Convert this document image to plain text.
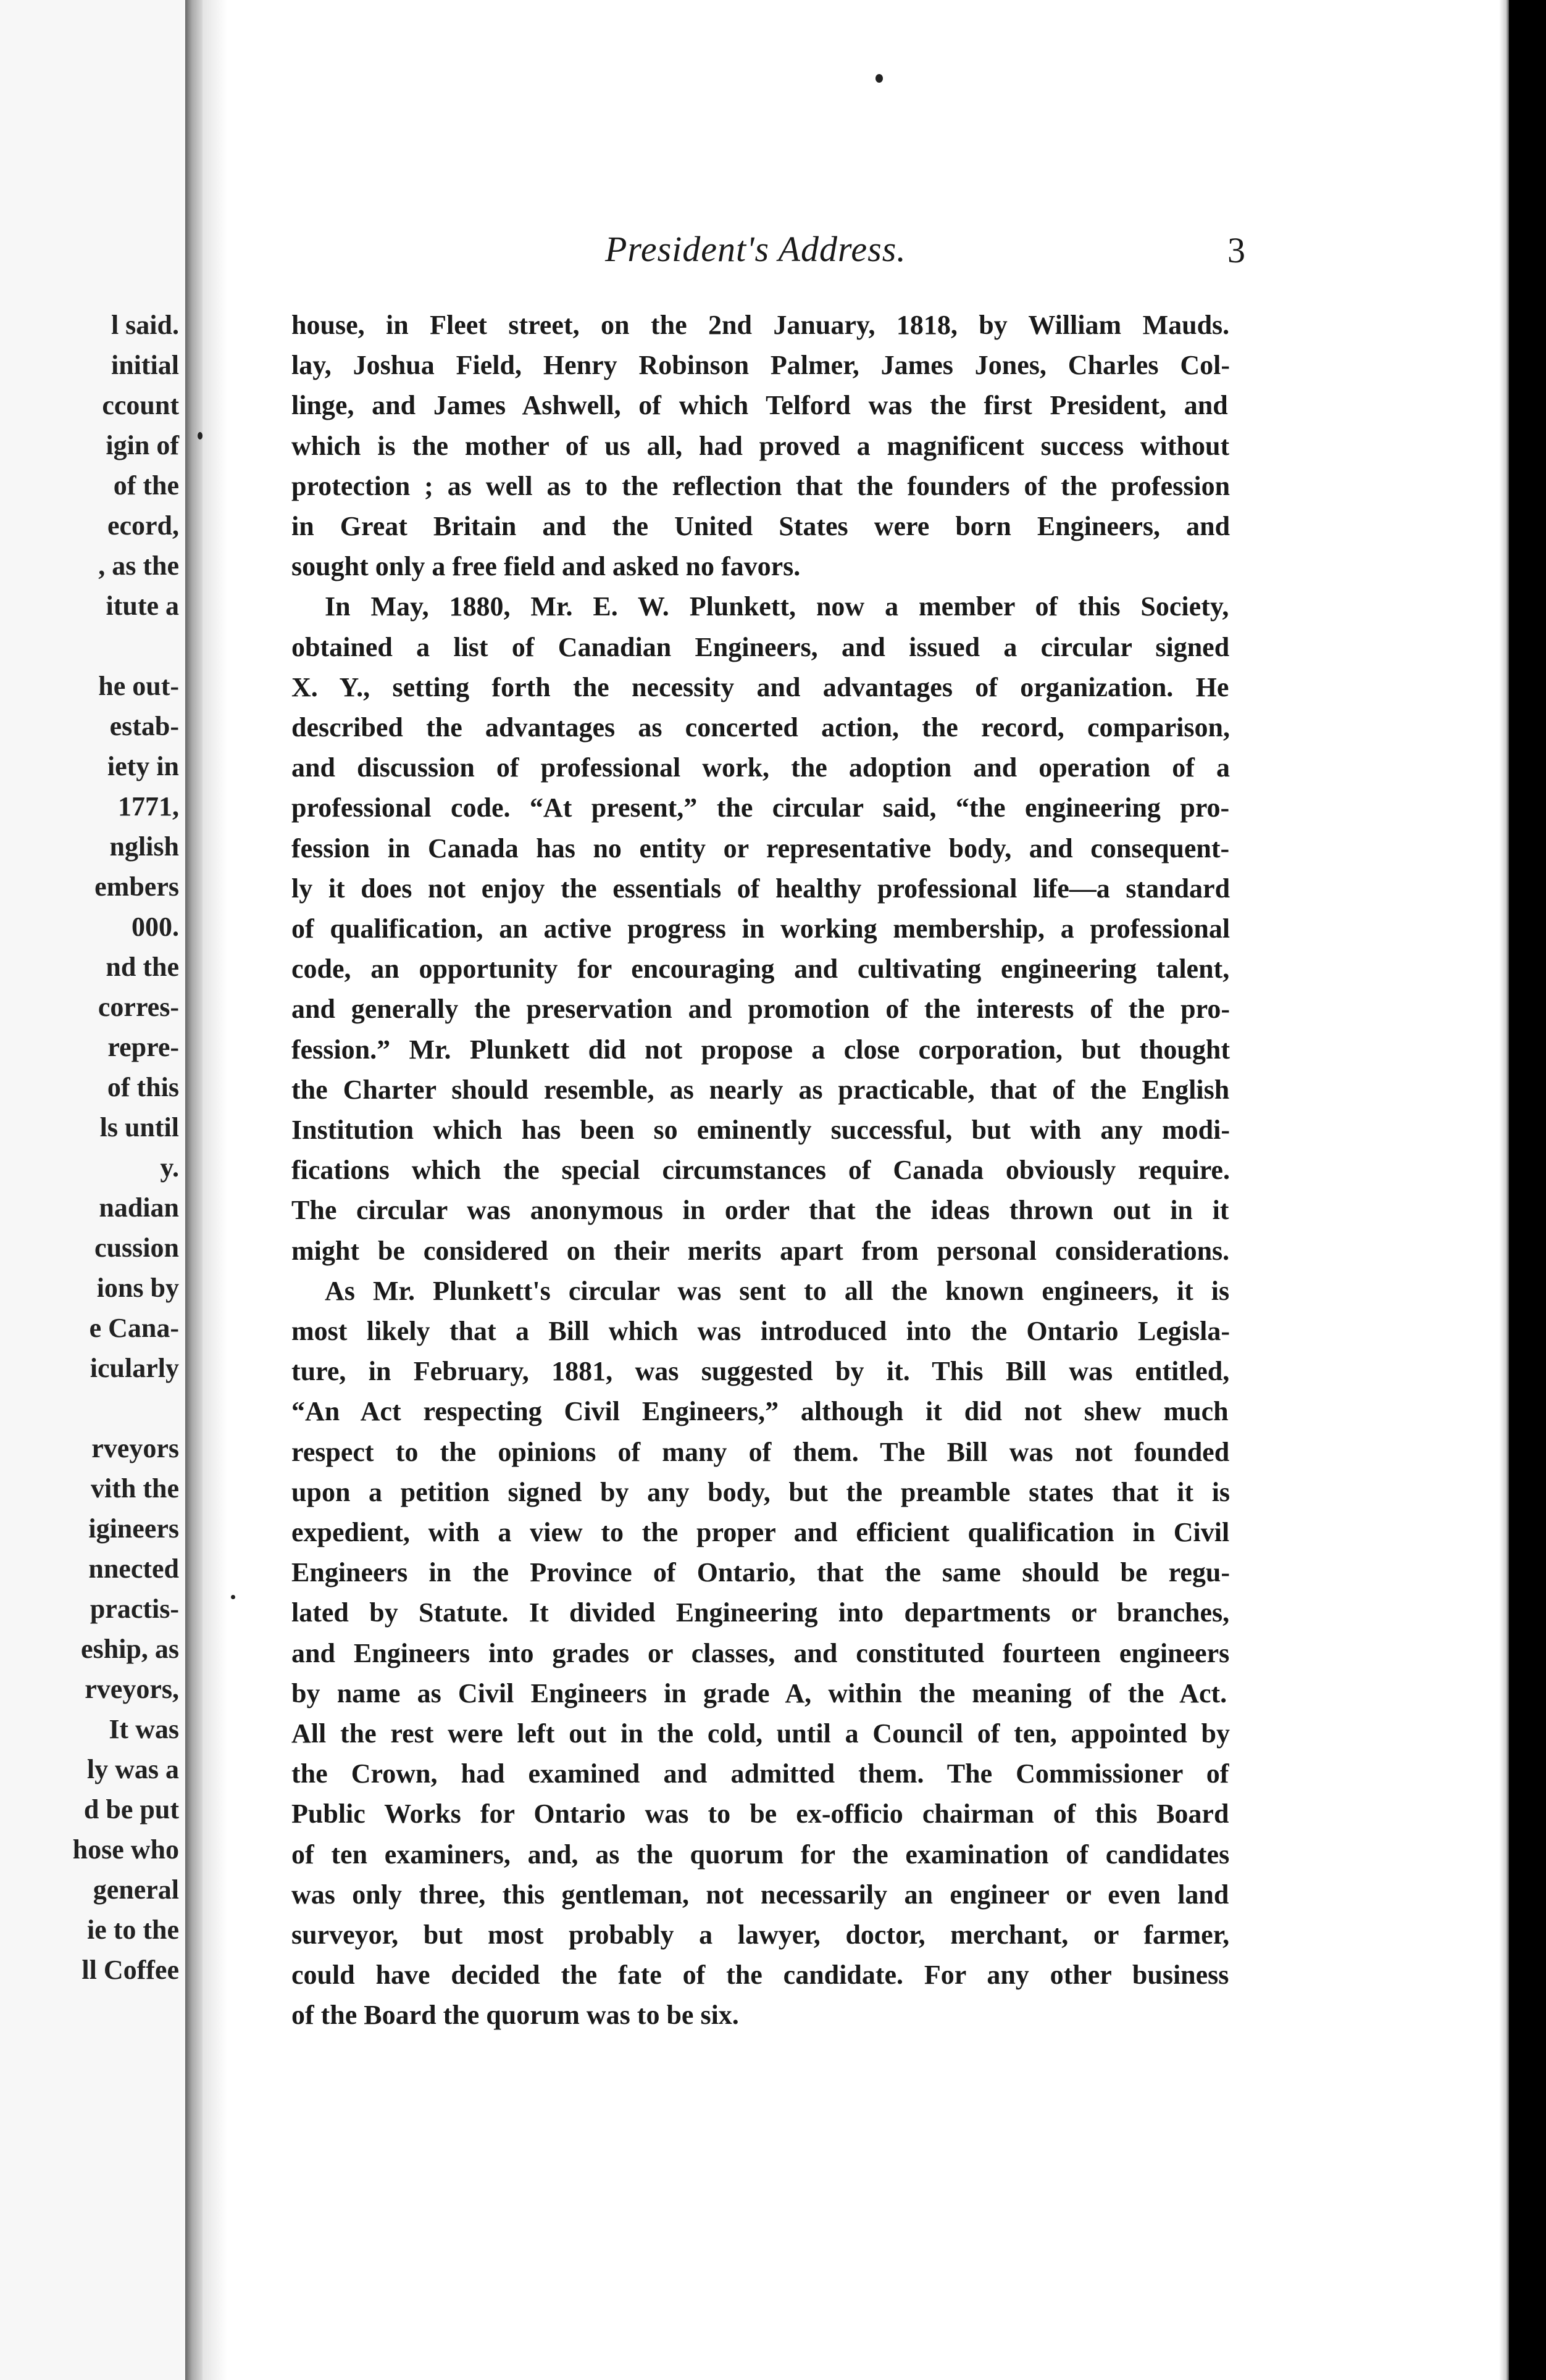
l said.
initial
ccount
igin of
of the
ecord,
, as the
itute a
he out-
estab-
iety in
1771,
nglish
embers
000.
nd the
corres-
repre-
of this
ls until
y.
nadian
cussion
ions by
e Cana-
icularly
rveyors
vith the
igineers
nnected
practis-
eship, as
rveyors,
It was
ly was a
d be put
hose who
general
ie to the
ll Coffee
President's Address.	3
house, in Fleet street, on the 2nd January, 1818, by William Mauds.
lay, Joshua Field, Henry Robinson Palmer, James Jones, Charles Col-
linge, and James Ashwell, of which Telford was the first President, and
which is the mother of us all, had proved a magnificent success without
protection ; as well as to the reflection that the founders of the profession
in Great Britain and the United States were born Engineers, and
sought only a free field and asked no favors.
In May, 1880, Mr. E. W. Plunkett, now a member of this Society,
obtained a list of Canadian Engineers, and issued a circular signed
X. Y., setting forth the necessity and advantages of organization. He
described the advantages as concerted action, the record, comparison,
and discussion of professional work, the adoption and operation of a
professional code. “At present,” the circular said, “the engineering pro-
fession in Canada has no entity or representative body, and consequent-
ly it does not enjoy the essentials of healthy professional life—a standard
of qualification, an active progress in working membership, a professional
code, an opportunity for encouraging and cultivating engineering talent,
and generally the preservation and promotion of the interests of the pro-
fession.” Mr. Plunkett did not propose a close corporation, but thought
the Charter should resemble, as nearly as practicable, that of the English
Institution which has been so eminently successful, but with any modi-
fications which the special circumstances of Canada obviously require.
The circular was anonymous in order that the ideas thrown out in it
might be considered on their merits apart from personal considerations.
As Mr. Plunkett's circular was sent to all the known engineers, it is
most likely that a Bill which was introduced into the Ontario Legisla-
ture, in February, 1881, was suggested by it. This Bill was entitled,
“An Act respecting Civil Engineers,” although it did not shew much
respect to the opinions of many of them. The Bill was not founded
upon a petition signed by any body, but the preamble states that it is
expedient, with a view to the proper and efficient qualification in Civil
Engineers in the Province of Ontario, that the same should be regu-
lated by Statute. It divided Engineering into departments or branches,
and Engineers into grades or classes, and constituted fourteen engineers
by name as Civil Engineers in grade A, within the meaning of the Act.
All the rest were left out in the cold, until a Council of ten, appointed by
the Crown, had examined and admitted them. The Commissioner of
Public Works for Ontario was to be ex-officio chairman of this Board
of ten examiners, and, as the quorum for the examination of candidates
was only three, this gentleman, not necessarily an engineer or even land
surveyor, but most probably a lawyer, doctor, merchant, or farmer,
could have decided the fate of the candidate. For any other business
of the Board the quorum was to be six.
